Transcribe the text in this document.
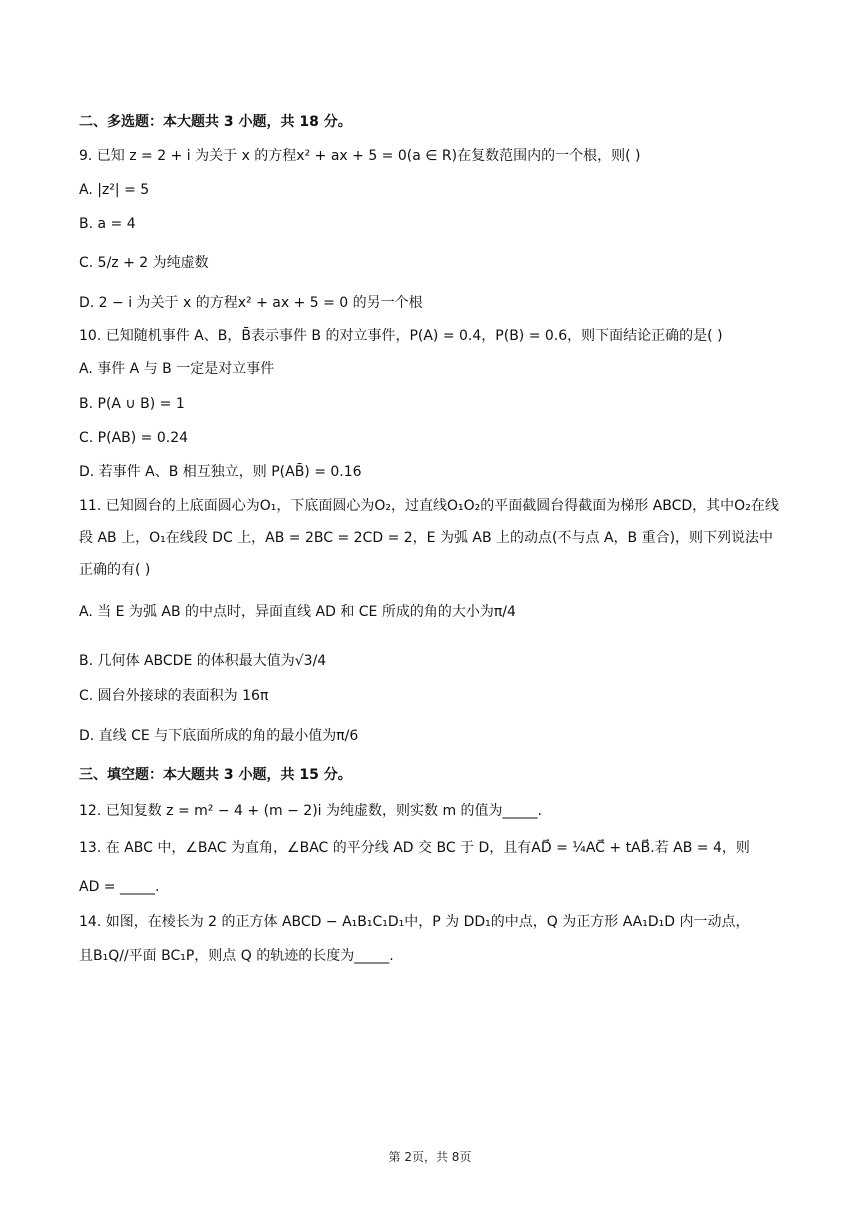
二、多选题：本大题共 3 小题，共 18 分。
9. 已知 z = 2 + i 为关于 x 的方程x² + ax + 5 = 0(a ∈ R)在复数范围内的一个根，则( )
A. |z²| = 5
B. a = 4
C. 5/z + 2 为纯虚数
D. 2 − i 为关于 x 的方程x² + ax + 5 = 0 的另一个根
10. 已知随机事件 A、B，B̄表示事件 B 的对立事件，P(A) = 0.4，P(B) = 0.6，则下面结论正确的是( )
A. 事件 A 与 B 一定是对立事件
B. P(A ∪ B) = 1
C. P(AB) = 0.24
D. 若事件 A、B 相互独立，则 P(AB̄) = 0.16
11. 已知圆台的上底面圆心为O₁，下底面圆心为O₂，过直线O₁O₂的平面截圆台得截面为梯形 ABCD，其中O₂在线段 AB 上，O₁在线段 DC 上，AB = 2BC = 2CD = 2，E 为弧 AB 上的动点(不与点 A，B 重合)，则下列说法中正确的有( )
A. 当 E 为弧 AB 的中点时，异面直线 AD 和 CE 所成的角的大小为π/4
B. 几何体 ABCDE 的体积最大值为√3/4
C. 圆台外接球的表面积为 16π
D. 直线 CE 与下底面所成的角的最小值为π/6
三、填空题：本大题共 3 小题，共 15 分。
12. 已知复数 z = m² − 4 + (m − 2)i 为纯虚数，则实数 m 的值为_____.
13. 在 ABC 中，∠BAC 为直角，∠BAC 的平分线 AD 交 BC 于 D，且有AD⃗ = ¼AC⃗ + tAB⃗.若 AB = 4，则
AD = _____.
14. 如图，在棱长为 2 的正方体 ABCD − A₁B₁C₁D₁中，P 为 DD₁的中点，Q 为正方形 AA₁D₁D 内一动点，
且B₁Q//平面 BC₁P，则点 Q 的轨迹的长度为_____.
第 2页，共 8页
